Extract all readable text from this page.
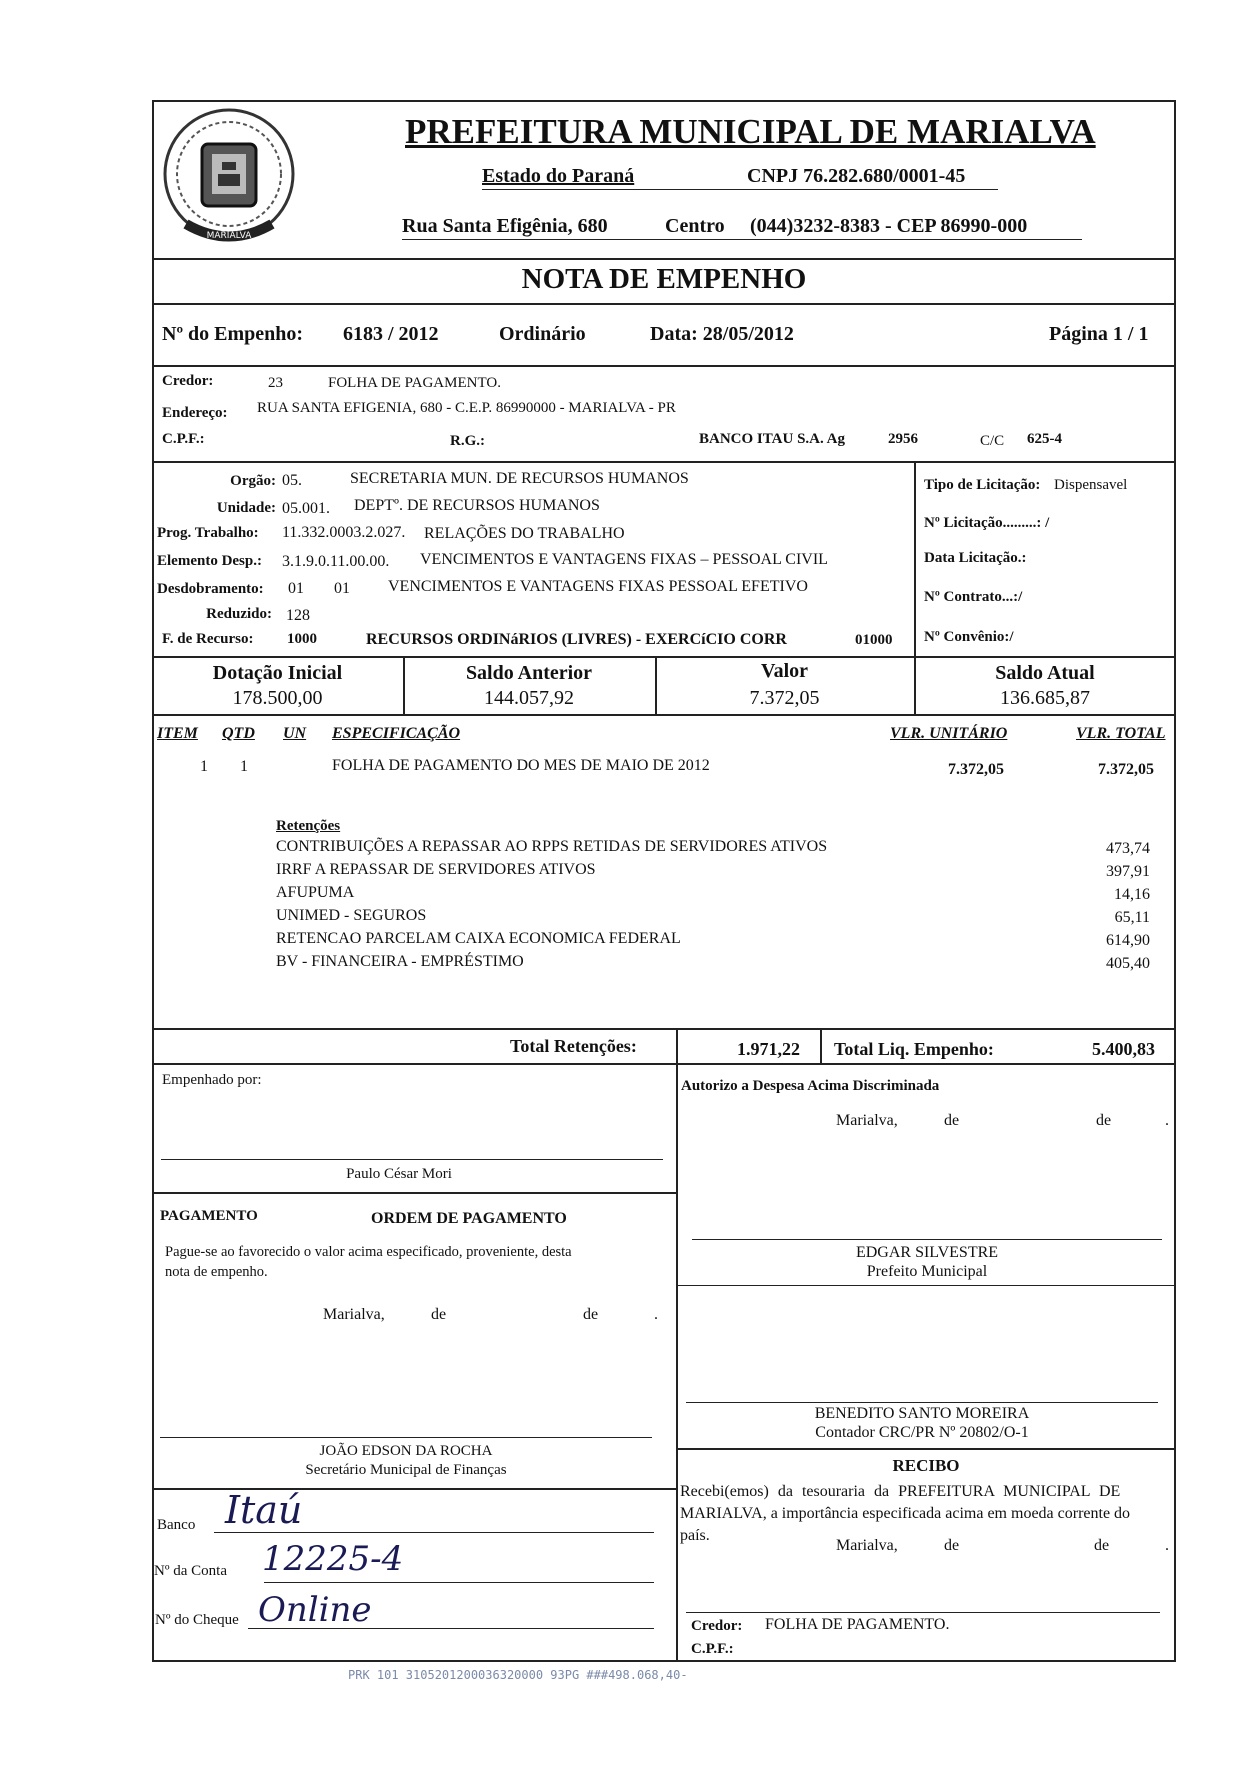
MARIALVA
PREFEITURA MUNICIPAL DE MARIALVA
Estado do Paraná	CNPJ 76.282.680/0001-45
Rua Santa Efigênia, 680	Centro (044)3232-8383 - CEP 86990-000
NOTA DE EMPENHO
Nº do Empenho: 6183 / 2012	Ordinário	Data: 28/05/2012	Página 1 / 1
Credor:	23	FOLHA DE PAGAMENTO.
Endereço: RUA SANTA EFIGENIA, 680 - C.E.P. 86990000 - MARIALVA - PR
C.P.F.:	R.G.:	BANCO ITAU S.A. Ag	2956	C/C 625-4
Orgão: 05.	SECRETARIA MUN. DE RECURSOS HUMANOS
Unidade: 05.001. DEPTº. DE RECURSOS HUMANOS
Prog. Trabalho: 11.332.0003.2.027. RELAÇÕES DO TRABALHO
Elemento Desp.: 3.1.9.0.11.00.00. VENCIMENTOS E VANTAGENS FIXAS – PESSOAL CIVIL
Desdobramento: 01 01 VENCIMENTOS E VANTAGENS FIXAS PESSOAL EFETIVO
Reduzido: 128
F. de Recurso: 1000	RECURSOS ORDINáRIOS (LIVRES) - EXERCíCIO CORR	01000
Tipo de Licitação: Dispensavel
Nº Licitação.........: /
Data Licitação.:
Nº Contrato...:/
Nº Convênio:/
Dotação Inicial
178.500,00
Saldo Anterior
144.057,92
Valor
7.372,05
Saldo Atual
136.685,87
ITEM QTD UN ESPECIFICAÇÃO	VLR. UNITÁRIO	VLR. TOTAL
1 1	FOLHA DE PAGAMENTO DO MES DE MAIO DE 2012	7.372,05	7.372,05
Retenções
CONTRIBUIÇÕES A REPASSAR AO RPPS RETIDAS DE SERVIDORES ATIVOS	473,74
IRRF A REPASSAR DE SERVIDORES ATIVOS	397,91
AFUPUMA	14,16
UNIMED - SEGUROS	65,11
RETENCAO PARCELAM CAIXA ECONOMICA FEDERAL	614,90
BV - FINANCEIRA - EMPRÉSTIMO	405,40
Total Retenções:	1.971,22 Total Liq. Empenho:	5.400,83
Empenhado por:
Paulo César Mori
PAGAMENTO	ORDEM DE PAGAMENTO
Pague-se ao favorecido o valor acima especificado, proveniente, desta
nota de empenho.
Marialva,	de	de	.
JOÃO EDSON DA ROCHA
Secretário Municipal de Finanças
Banco Itaú
Nº da Conta 12225-4
Nº do Cheque Online
Autorizo a Despesa Acima Discriminada
Marialva,	de	de	.
EDGAR SILVESTRE
Prefeito Municipal
BENEDITO SANTO MOREIRA
Contador CRC/PR Nº 20802/O-1
RECIBO
Recebi(emos) da tesouraria da PREFEITURA MUNICIPAL DE
MARIALVA, a importância especificada acima em moeda corrente do
país.
Marialva,	de	de	.
Credor: FOLHA DE PAGAMENTO.
C.P.F.:
PRK 101 3105201200036320000 93PG ###498.068,40-
